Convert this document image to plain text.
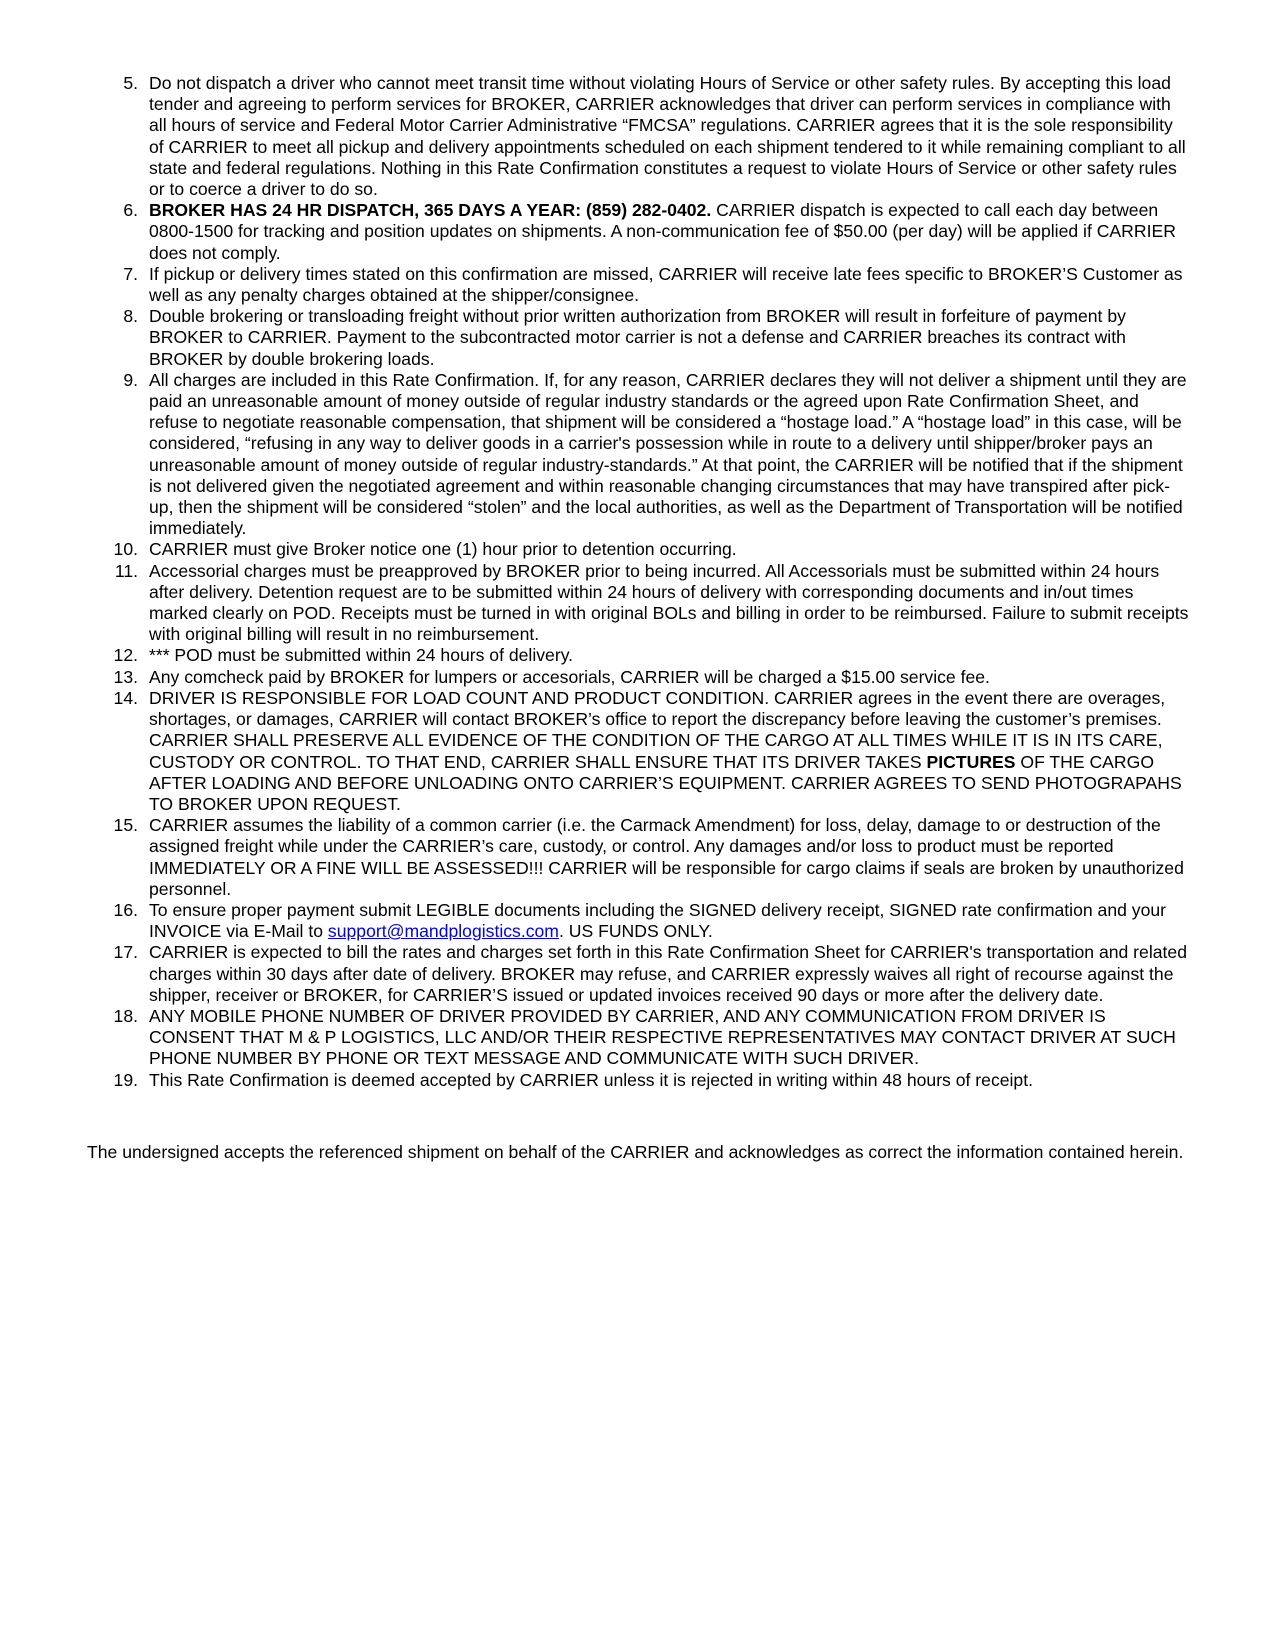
5. Do not dispatch a driver who cannot meet transit time without violating Hours of Service or other safety rules. By accepting this load tender and agreeing to perform services for BROKER, CARRIER acknowledges that driver can perform services in compliance with all hours of service and Federal Motor Carrier Administrative “FMCSA” regulations. CARRIER agrees that it is the sole responsibility of CARRIER to meet all pickup and delivery appointments scheduled on each shipment tendered to it while remaining compliant to all state and federal regulations. Nothing in this Rate Confirmation constitutes a request to violate Hours of Service or other safety rules or to coerce a driver to do so.
6. BROKER HAS 24 HR DISPATCH, 365 DAYS A YEAR: (859) 282-0402. CARRIER dispatch is expected to call each day between 0800-1500 for tracking and position updates on shipments. A non-communication fee of $50.00 (per day) will be applied if CARRIER does not comply.
7. If pickup or delivery times stated on this confirmation are missed, CARRIER will receive late fees specific to BROKER’S Customer as well as any penalty charges obtained at the shipper/consignee.
8. Double brokering or transloading freight without prior written authorization from BROKER will result in forfeiture of payment by BROKER to CARRIER. Payment to the subcontracted motor carrier is not a defense and CARRIER breaches its contract with BROKER by double brokering loads.
9. All charges are included in this Rate Confirmation. If, for any reason, CARRIER declares they will not deliver a shipment until they are paid an unreasonable amount of money outside of regular industry standards or the agreed upon Rate Confirmation Sheet, and refuse to negotiate reasonable compensation, that shipment will be considered a “hostage load.” A “hostage load” in this case, will be considered, “refusing in any way to deliver goods in a carrier's possession while in route to a delivery until shipper/broker pays an unreasonable amount of money outside of regular industry-standards.” At that point, the CARRIER will be notified that if the shipment is not delivered given the negotiated agreement and within reasonable changing circumstances that may have transpired after pick-up, then the shipment will be considered “stolen” and the local authorities, as well as the Department of Transportation will be notified immediately.
10. CARRIER must give Broker notice one (1) hour prior to detention occurring.
11. Accessorial charges must be preapproved by BROKER prior to being incurred. All Accessorials must be submitted within 24 hours after delivery. Detention request are to be submitted within 24 hours of delivery with corresponding documents and in/out times marked clearly on POD. Receipts must be turned in with original BOLs and billing in order to be reimbursed. Failure to submit receipts with original billing will result in no reimbursement.
12. *** POD must be submitted within 24 hours of delivery.
13. Any comcheck paid by BROKER for lumpers or accesorials, CARRIER will be charged a $15.00 service fee.
14. DRIVER IS RESPONSIBLE FOR LOAD COUNT AND PRODUCT CONDITION. CARRIER agrees in the event there are overages, shortages, or damages, CARRIER will contact BROKER’s office to report the discrepancy before leaving the customer’s premises. CARRIER SHALL PRESERVE ALL EVIDENCE OF THE CONDITION OF THE CARGO AT ALL TIMES WHILE IT IS IN ITS CARE, CUSTODY OR CONTROL. TO THAT END, CARRIER SHALL ENSURE THAT ITS DRIVER TAKES PICTURES OF THE CARGO AFTER LOADING AND BEFORE UNLOADING ONTO CARRIER’S EQUIPMENT. CARRIER AGREES TO SEND PHOTOGRAPAHS TO BROKER UPON REQUEST.
15. CARRIER assumes the liability of a common carrier (i.e. the Carmack Amendment) for loss, delay, damage to or destruction of the assigned freight while under the CARRIER’s care, custody, or control. Any damages and/or loss to product must be reported IMMEDIATELY OR A FINE WILL BE ASSESSED!!! CARRIER will be responsible for cargo claims if seals are broken by unauthorized personnel.
16. To ensure proper payment submit LEGIBLE documents including the SIGNED delivery receipt, SIGNED rate confirmation and your INVOICE via E-Mail to support@mandplogistics.com. US FUNDS ONLY.
17. CARRIER is expected to bill the rates and charges set forth in this Rate Confirmation Sheet for CARRIER's transportation and related charges within 30 days after date of delivery. BROKER may refuse, and CARRIER expressly waives all right of recourse against the shipper, receiver or BROKER, for CARRIER’S issued or updated invoices received 90 days or more after the delivery date.
18. ANY MOBILE PHONE NUMBER OF DRIVER PROVIDED BY CARRIER, AND ANY COMMUNICATION FROM DRIVER IS CONSENT THAT M & P LOGISTICS, LLC AND/OR THEIR RESPECTIVE REPRESENTATIVES MAY CONTACT DRIVER AT SUCH PHONE NUMBER BY PHONE OR TEXT MESSAGE AND COMMUNICATE WITH SUCH DRIVER.
19. This Rate Confirmation is deemed accepted by CARRIER unless it is rejected in writing within 48 hours of receipt.

The undersigned accepts the referenced shipment on behalf of the CARRIER and acknowledges as correct the information contained herein.
